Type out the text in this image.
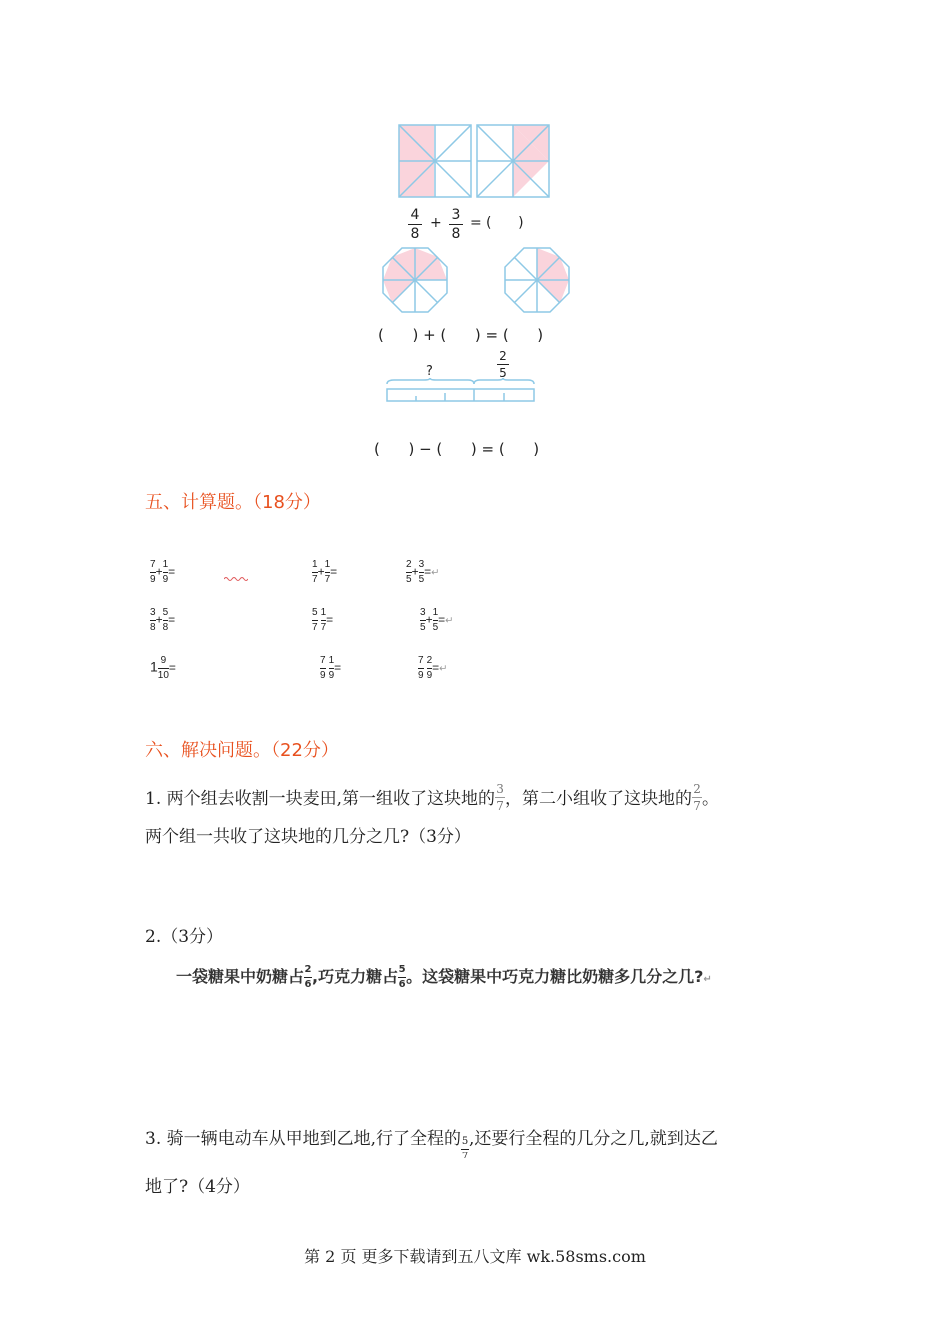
4
8
+ 3
8
= (      )
(      ) + (      ) = (      )
?
2
5
(      ) − (      ) = (      )
五、计算题。（18分）
$\frac{7}{9} + \frac{1}{9}$ =	$\frac{1}{7} + \frac{1}{7}$ =	$\frac{2}{5} + \frac{3}{5}$ =↵
$\frac{3}{8} + \frac{5}{8}$ =	$\frac{5}{7} \frac{1}{7}$ =	$\frac{3}{5} + \frac{1}{5}$ =↵
$1 \frac{9}{10}$ =	$\frac{7}{9} \frac{1}{9}$ =	$\frac{7}{9} \frac{2}{9}$ =↵
六、解决问题。（22分）
1. 两个组去收割一块麦田,第一组收了这块地的 $\frac{3}{7}$ ，第二小组收了这块地的 $\frac{2}{7}$ 。
两个组一共收了这块地的几分之几?（3分）
2.（3分）
一袋糖果中奶糖占 $\frac{2}{6}$ ,巧克力糖占 $\frac{5}{6}$ 。这袋糖果中巧克力糖比奶糖多几分之几?↵
3. 骑一辆电动车从甲地到乙地,行了全程的 $\frac{5}{7}$ ,还要行全程的几分之几,就到达乙
地了?（4分）
第 2 页 更多下载请到五八文库 wk.58sms.com
